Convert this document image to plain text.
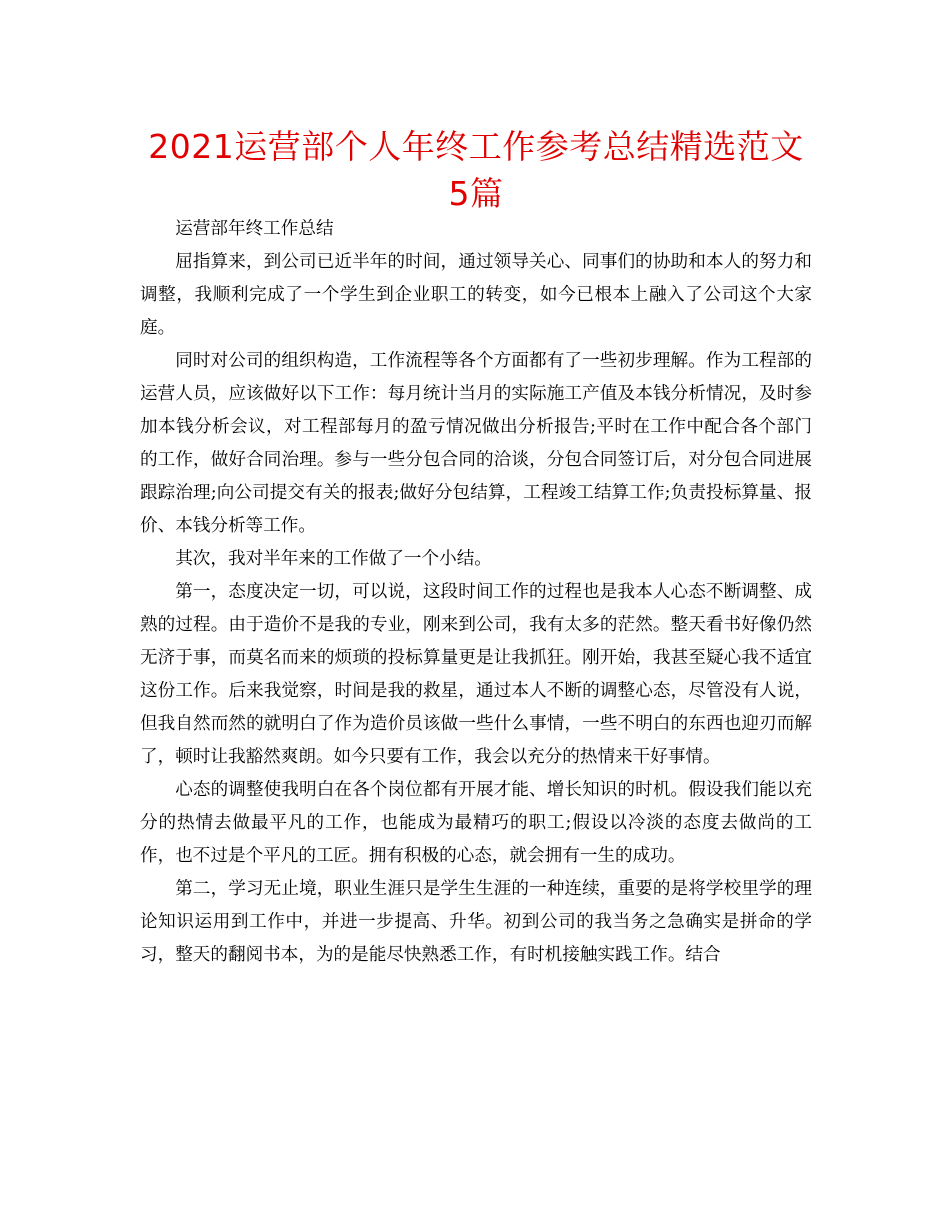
2021运营部个人年终工作参考总结精选范文5篇

运营部年终工作总结

屈指算来，到公司已近半年的时间，通过领导关心、同事们的协助和本人的努力和调整，我顺利完成了一个学生到企业职工的转变，如今已根本上融入了公司这个大家庭。

同时对公司的组织构造，工作流程等各个方面都有了一些初步理解。作为工程部的运营人员，应该做好以下工作：每月统计当月的实际施工产值及本钱分析情况，及时参加本钱分析会议，对工程部每月的盈亏情况做出分析报告;平时在工作中配合各个部门的工作，做好合同治理。参与一些分包合同的洽谈，分包合同签订后，对分包合同进展跟踪治理;向公司提交有关的报表;做好分包结算，工程竣工结算工作;负责投标算量、报价、本钱分析等工作。

其次，我对半年来的工作做了一个小结。

第一，态度决定一切，可以说，这段时间工作的过程也是我本人心态不断调整、成熟的过程。由于造价不是我的专业，刚来到公司，我有太多的茫然。整天看书好像仍然无济于事，而莫名而来的烦琐的投标算量更是让我抓狂。刚开始，我甚至疑心我不适宜这份工作。后来我觉察，时间是我的救星，通过本人不断的调整心态，尽管没有人说，但我自然而然的就明白了作为造价员该做一些什么事情，一些不明白的东西也迎刃而解了，顿时让我豁然爽朗。如今只要有工作，我会以充分的热情来干好事情。

心态的调整使我明白在各个岗位都有开展才能、增长知识的时机。假设我们能以充分的热情去做最平凡的工作，也能成为最精巧的职工;假设以冷淡的态度去做尚的工作，也不过是个平凡的工匠。拥有积极的心态，就会拥有一生的成功。

第二，学习无止境，职业生涯只是学生生涯的一种连续，重要的是将学校里学的理论知识运用到工作中，并进一步提高、升华。初到公司的我当务之急确实是拼命的学习，整天的翻阅书本，为的是能尽快熟悉工作，有时机接触实践工作。结合
